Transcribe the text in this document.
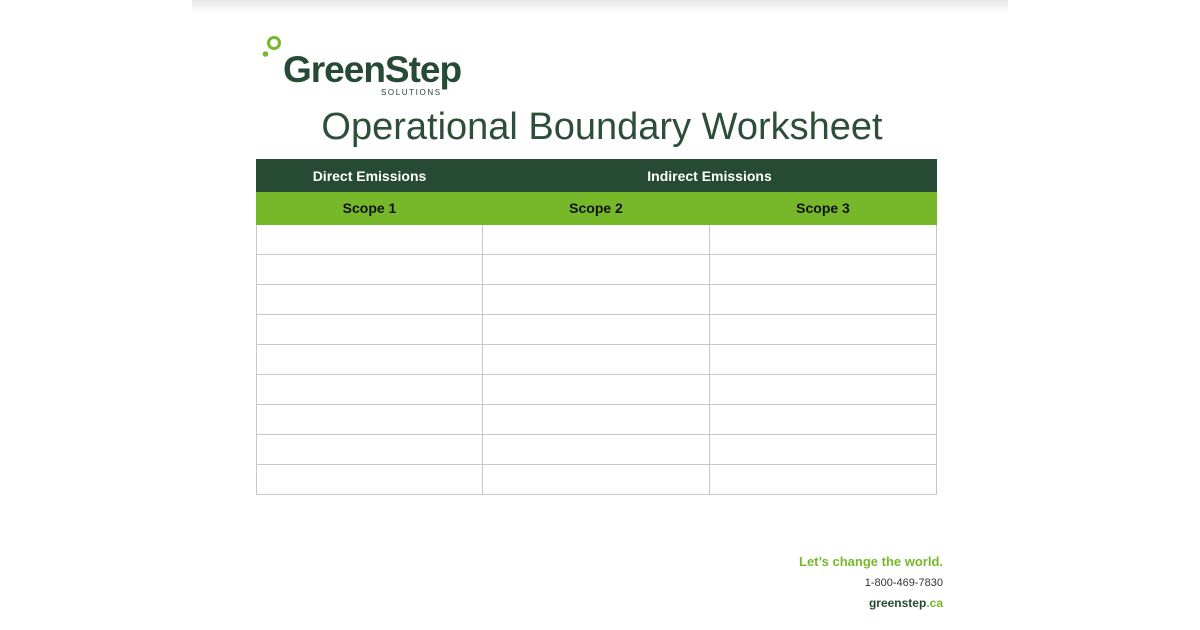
GreenStep
SOLUTIONS
Operational Boundary Worksheet
Direct Emissions	Indirect Emissions	
Scope 1	Scope 2	Scope 3

Let’s change the world.
1-800-469-7830
greenstep.ca
